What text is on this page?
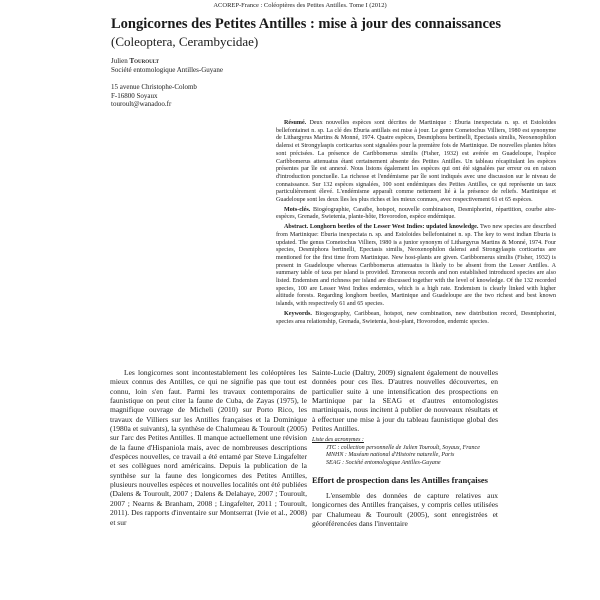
ACOREP-France : Coléoptères des Petites Antilles. Tome I (2012)
Longicornes des Petites Antilles : mise à jour des connaissances
(Coleoptera, Cerambycidae)
Julien Touroult
Société entomologique Antilles-Guyane
15 avenue Christophe-Colomb
F-16800 Soyaux
touroult@wanadoo.fr

Résumé. Deux nouvelles espèces sont décrites de Martinique : Eburia inexpectata n. sp. et Estoloides bellefontainei n. sp. La clé des Eburia antillais est mise à jour. Le genre Cometochus Villiers, 1980 est synonyme de Lithargyrus Martins & Monné, 1974. Quatre espèces, Desmiphora bertinelli, Epectasis similis, Neoxenophilon dalensi et Strongylaspis corticarius sont signalées pour la première fois de Martinique. De nouvelles plantes hôtes sont précisées. La présence de Caribbomerus similis (Fisher, 1932) est avérée en Guadeloupe, l'espèce Caribbomerus attenuatus étant certainement absente des Petites Antilles. Un tableau récapitulant les espèces présentes par île est annexé. Nous listons également les espèces qui ont été signalées par erreur ou en raison d'introduction ponctuelle. La richesse et l'endémisme par île sont indiqués avec une discussion sur le niveau de connaissance. Sur 132 espèces signalées, 100 sont endémiques des Petites Antilles, ce qui représente un taux particulièrement élevé. L'endémisme apparaît comme nettement lié à la présence de reliefs. Martinique et Guadeloupe sont les deux îles les plus riches et les mieux connues, avec respectivement 61 et 65 espèces.

Mots-clés. Biogéographie, Caraïbe, hotspot, nouvelle combinaison, Desmiphorini, répartition, courbe aire-espèces, Grenade, Swietenia, plante-hôte, Hovorodon, espèce endémique.

Abstract. Longhorn beetles of the Lesser West Indies: updated knowledge. Two new species are described from Martinique: Eburia inexpectata n. sp. and Estoloides bellefontainei n. sp. The key to west indian Eburia is updated. The genus Cometochus Villiers, 1980 is a junior synonym of Lithargyrus Martins & Monné, 1974. Four species, Desmiphora bertinelli, Epectasis similis, Neoxenophilon dalensi and Strongylaspis corticarius are mentioned for the first time from Martinique. New host-plants are given. Caribbomerus similis (Fisher, 1932) is present in Guadeloupe whereas Caribbomerus attenuatus is likely to be absent from the Lesser Antilles. A summary table of taxa per island is provided. Erroneous records and non established introduced species are also listed. Endemism and richness per island are discussed together with the level of knowledge. Of the 132 recorded species, 100 are Lesser West Indies endemics, which is a high rate. Endemism is clearly linked with higher altitude forests. Regarding longhorn beetles, Martinique and Guadeloupe are the two richest and best known islands, with respectively 61 and 65 species.

Keywords. Biogeography, Caribbean, hotspot, new combination, new distribution record, Desmiphorini, species area relationship, Grenada, Swietenia, host-plant, Hovorodon, endemic species.

Les longicornes sont incontestablement les coléoptères les mieux connus des Antilles, ce qui ne signifie pas que tout est connu, loin s'en faut. Parmi les travaux contemporains de faunistique on peut citer la faune de Cuba, de Zayas (1975), le magnifique ouvrage de Micheli (2010) sur Porto Rico, les travaux de Villiers sur les Antilles françaises et la Dominique (1980a et suivants), la synthèse de Chalumeau & Touroult (2005) sur l'arc des Petites Antilles. Il manque actuellement une révision de la faune d'Hispaniola mais, avec de nombreuses descriptions d'espèces nouvelles, ce travail a été entamé par Steve Lingafelter et ses collègues nord américains. Depuis la publication de la synthèse sur la faune des longicornes des Petites Antilles, plusieurs nouvelles espèces et nouvelles localités ont été publiées (Dalens & Touroult, 2007 ; Dalens & Delahaye, 2007 ; Touroult, 2007 ; Nearns & Branham, 2008 ; Lingafelter, 2011 ; Touroult, 2011). Des rapports d'inventaire sur Montserrat (Ivie et al., 2008) et sur

Sainte-Lucie (Daltry, 2009) signalent également de nouvelles données pour ces îles. D'autres nouvelles découvertes, en particulier suite à une intensification des prospections en Martinique par la SEAG et d'autres entomologistes martiniquais, nous incitent à publier de nouveaux résultats et à effectuer une mise à jour du tableau faunistique global des Petites Antilles.

Liste des acronymes :
JTC : collection personnelle de Julien Touroult, Soyaux, France
MNHN : Muséum national d'Histoire naturelle, Paris
SEAG : Société entomologique Antilles-Guyane
Effort de prospection dans les Antilles françaises

L'ensemble des données de capture relatives aux longicornes des Antilles françaises, y compris celles utilisées par Chalumeau & Touroult (2005), sont enregistrées et géoréférencées dans l'inventaire
